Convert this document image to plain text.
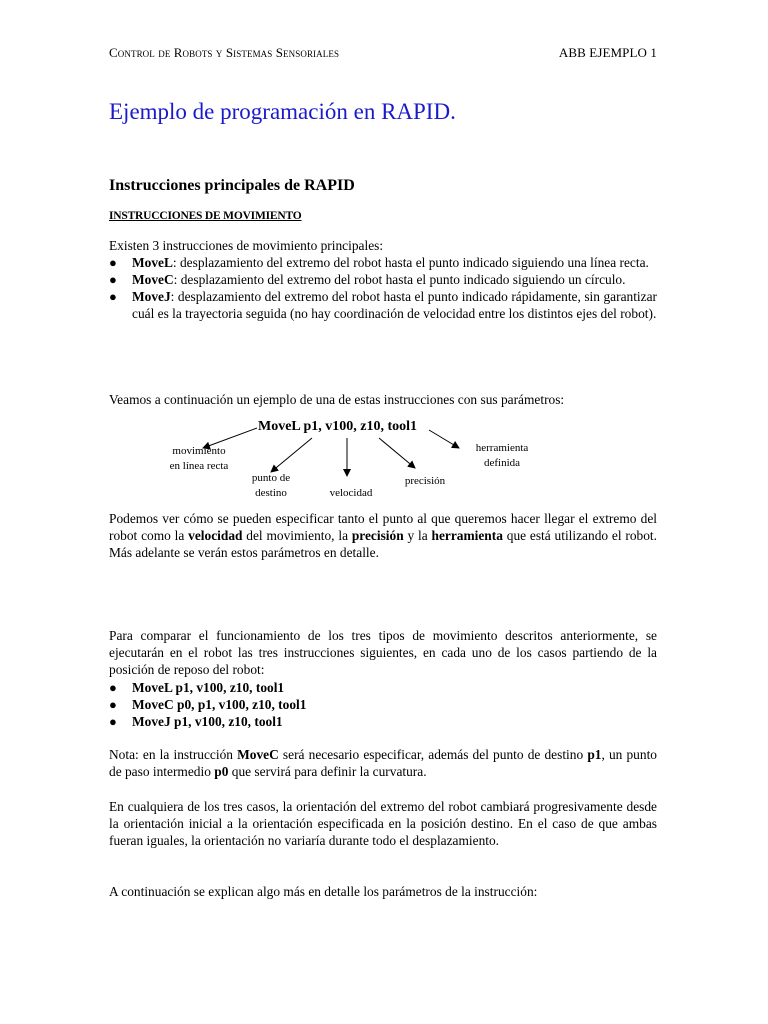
Control de Robots y Sistemas Sensoriales	ABB EJEMPLO 1
Ejemplo de programación en RAPID.
Instrucciones principales de RAPID
INSTRUCCIONES DE MOVIMIENTO
Existen 3 instrucciones de movimiento principales:
● MoveL: desplazamiento del extremo del robot hasta el punto indicado siguiendo una línea recta.
● MoveC: desplazamiento del extremo del robot hasta el punto indicado siguiendo un círculo.
● MoveJ: desplazamiento del extremo del robot hasta el punto indicado rápidamente, sin garantizar cuál es la trayectoria seguida (no hay coordinación de velocidad entre los distintos ejes del robot).
Veamos a continuación un ejemplo de una de estas instrucciones con sus parámetros:
MoveL p1, v100, z10, tool1
movimiento
en línea recta
punto de
destino	velocidad
precisión
herramienta
definida
Podemos ver cómo se pueden especificar tanto el punto al que queremos hacer llegar el extremo del robot como la velocidad del movimiento, la precisión y la herramienta que está utilizando el robot. Más adelante se verán estos parámetros en detalle.
Para comparar el funcionamiento de los tres tipos de movimiento descritos anteriormente, se ejecutarán en el robot las tres instrucciones siguientes, en cada uno de los casos partiendo de la posición de reposo del robot:
● MoveL p1, v100, z10, tool1
● MoveC p0, p1, v100, z10, tool1
● MoveJ p1, v100, z10, tool1
Nota: en la instrucción MoveC será necesario especificar, además del punto de destino p1, un punto de paso intermedio p0 que servirá para definir la curvatura.
En cualquiera de los tres casos, la orientación del extremo del robot cambiará progresivamente desde la orientación inicial a la orientación especificada en la posición destino. En el caso de que ambas fueran iguales, la orientación no variaría durante todo el desplazamiento.
A continuación se explican algo más en detalle los parámetros de la instrucción:
